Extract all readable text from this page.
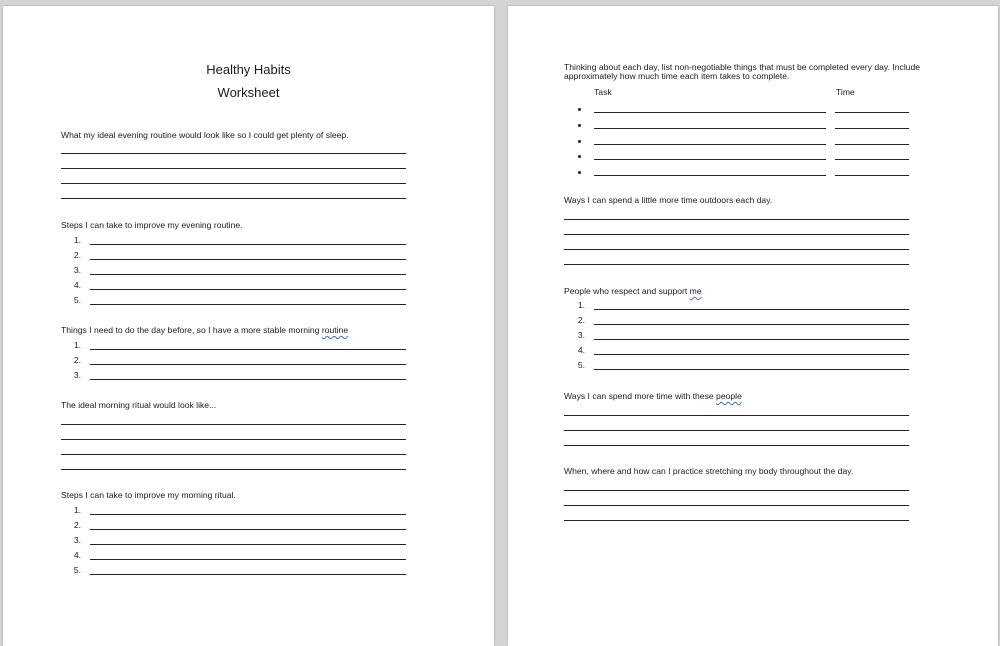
Healthy Habits
Worksheet
What my ideal evening routine would look like so I could get plenty of sleep.
Steps I can take to improve my evening routine.
1.
2.
3.
4.
5.
Things I need to do the day before, so I have a more stable morning routine
1.
2.
3.
The ideal morning ritual would look like...
Steps I can take to improve my morning ritual.
1.
2.
3.
4.
5.
Thinking about each day, list non-negotiable things that must be completed every day. Include
approximately how much time each item takes to complete.
Task	Time
Ways I can spend a little more time outdoors each day.
People who respect and support me
1.
2.
3.
4.
5.
Ways I can spend more time with these people
When, where and how can I practice stretching my body throughout the day.
